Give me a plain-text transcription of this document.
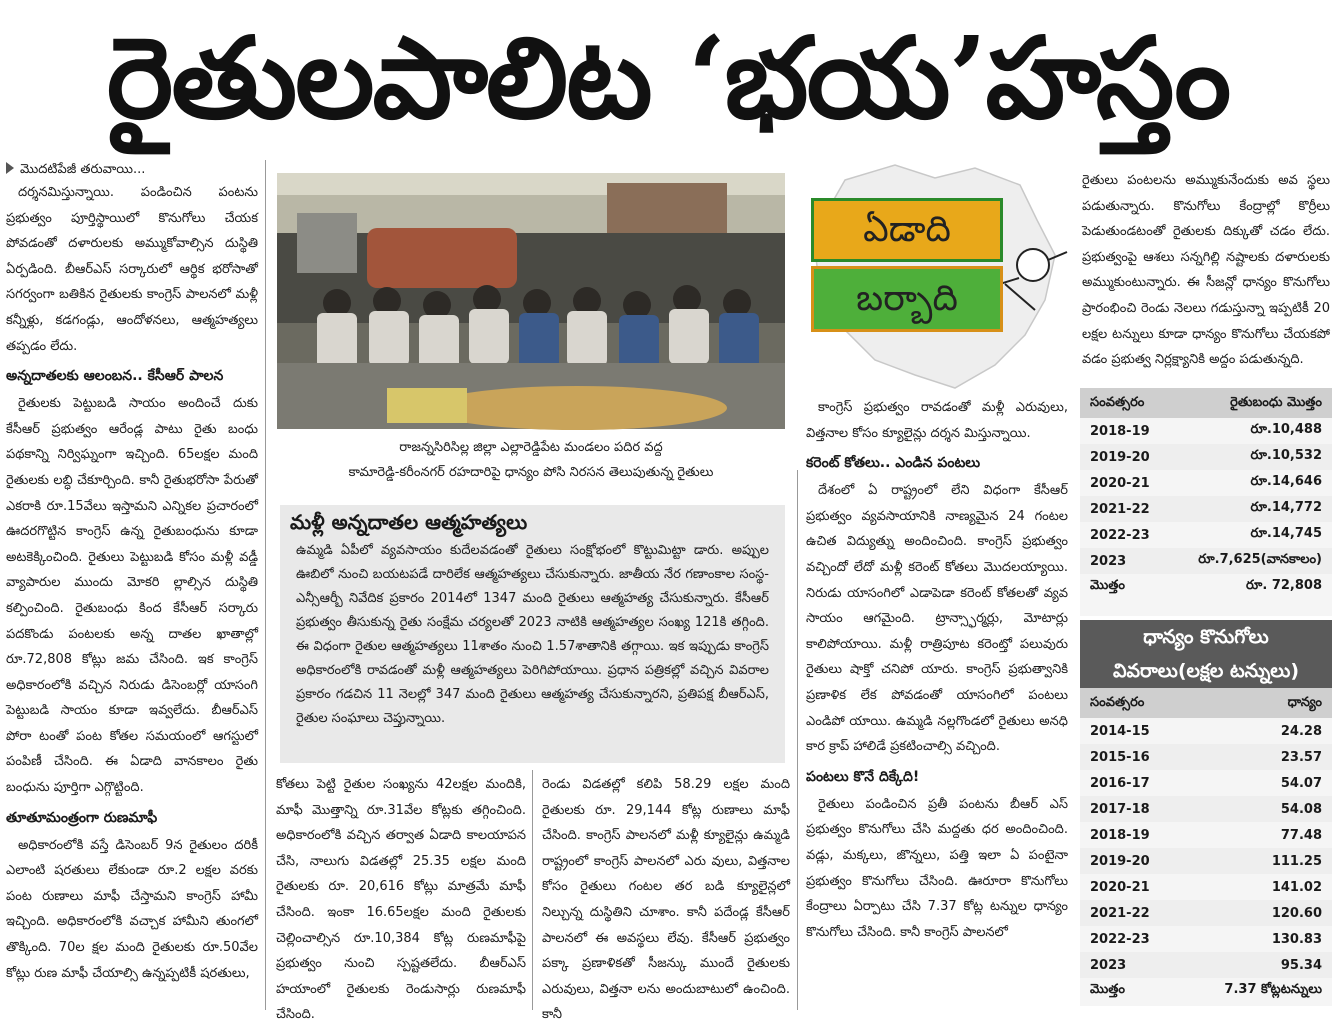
రైతులపాలిట ‘భయ’హస్తం
మొదటిపేజీ తరువాయి...

దర్శనమిస్తున్నాయి. పండించిన పంటను ప్రభుత్వం పూర్తిస్థాయిలో కొనుగోలు చేయక పోవడంతో దళారులకు అమ్ముకోవాల్సిన దుస్థితి ఏర్పడింది. బీఆర్ఎస్ సర్కారులో ఆర్థిక భరోసాతో సగర్వంగా బతికిన రైతులకు కాంగ్రెస్ పాలనలో మళ్లీ కన్నీళ్లు, కడగండ్లు, ఆందోళనలు, ఆత్మహత్యలు తప్పడం లేదు.

అన్నదాతలకు ఆలంబన.. కేసీఆర్ పాలన

రైతులకు పెట్టుబడి సాయం అందించే దుకు కేసీఆర్ ప్రభుత్వం ఆరేండ్ల పాటు రైతు బంధు పథకాన్ని నిర్విఘ్నంగా ఇచ్చింది. 65లక్షల మంది రైతులకు లబ్ధి చేకూర్చింది. కానీ రైతుభరోసా పేరుతో ఎకరాకి రూ.15వేలు ఇస్తామని ఎన్నికల ప్రచారంలో ఊదరగొట్టిన కాంగ్రెస్ ఉన్న రైతుబంధును కూడా అటకెక్కించింది. రైతులు పెట్టుబడి కోసం మళ్లీ వడ్డీ వ్యాపారుల ముందు మోకరి ల్లాల్సిన దుస్థితి కల్పించింది. రైతుబంధు కింద కేసీఆర్ సర్కారు పదకొండు పంటలకు అన్న దాతల ఖాతాల్లో రూ.72,808 కోట్లు జమ చేసింది. ఇక కాంగ్రెస్ అధికారంలోకి వచ్చిన నిరుడు డిసెంబర్లో యాసంగి పెట్టుబడి సాయం కూడా ఇవ్వలేదు. బీఆర్ఎస్ పోరా టంతో పంట కోతల సమయంలో ఆగస్టులో పంపిణీ చేసింది. ఈ ఏడాది వానకాలం రైతు బంధును పూర్తిగా ఎగ్గొట్టింది.

తూతూమంత్రంగా రుణమాఫీ

అధికారంలోకి వస్తే డిసెంబర్ 9న రైతులం దరికీ ఎలాంటి షరతులు లేకుండా రూ.2 లక్షల వరకు పంట రుణాలు మాఫీ చేస్తామని కాంగ్రెస్ హామీ ఇచ్చింది. అధికారంలోకి వచ్చాక హామీని తుంగలో తొక్కింది. 70ల క్షల మంది రైతులకు రూ.50వేల కోట్లు రుణ మాఫీ చేయాల్సి ఉన్నప్పటికీ షరతులు,

రాజన్నసిరిసిల్ల జిల్లా ఎల్లారెడ్డిపేట మండలం పదిర వద్ద
కామారెడ్డి-కరీంనగర్ రహదారిపై ధాన్యం పోసి నిరసన తెలుపుతున్న రైతులు
మళ్లీ అన్నదాతల ఆత్మహత్యలు
ఉమ్మడి ఏపీలో వ్యవసాయం కుదేలవడంతో రైతులు సంక్షోభంలో కొట్టుమిట్టా డారు. అప్పుల ఊబిలో నుంచి బయటపడే దారిలేక ఆత్మహత్యలు చేసుకున్నారు. జాతీయ నేర గణాంకాల సంస్థ-ఎన్సీఆర్బీ నివేదిక ప్రకారం 2014లో 1347 మంది రైతులు ఆత్మహత్య చేసుకున్నారు. కేసీఆర్ ప్రభుత్వం తీసుకున్న రైతు సంక్షేమ చర్యలతో 2023 నాటికి ఆత్మహత్యల సంఖ్య 121కి తగ్గింది. ఈ విధంగా రైతుల ఆత్మహత్యలు 11శాతం నుంచి 1.57శాతానికి తగ్గాయి. ఇక ఇప్పుడు కాంగ్రెస్ అధికారంలోకి రావడంతో మళ్లీ ఆత్మహత్యలు పెరిగిపోయాయి. ప్రధాన పత్రికల్లో వచ్చిన వివరాల ప్రకారం గడచిన 11 నెలల్లో 347 మంది రైతులు ఆత్మహత్య చేసుకున్నారని, ప్రతిపక్ష బీఆర్ఎస్, రైతుల సంఘాలు చెప్తున్నాయి.

కోతలు పెట్టి రైతుల సంఖ్యను 42లక్షల మందికి, మాఫీ మొత్తాన్ని రూ.31వేల కోట్లకు తగ్గించింది. అధికారంలోకి వచ్చిన తర్వాత ఏడాది కాలయాపన చేసి, నాలుగు విడతల్లో 25.35 లక్షల మంది రైతులకు రూ. 20,616 కోట్లు మాత్రమే మాఫీ చేసింది. ఇంకా 16.65లక్షల మంది రైతులకు చెల్లించాల్సిన రూ.10,384 కోట్ల రుణమాఫీపై ప్రభుత్వం నుంచి స్పష్టతలేదు. బీఆర్ఎస్ హయాంలో రైతులకు రెండుసార్లు రుణమాఫీ చేసింది.

రెండు విడతల్లో కలిపి 58.29 లక్షల మంది రైతులకు రూ. 29,144 కోట్ల రుణాలు మాఫీ చేసింది. కాంగ్రెస్ పాలనలో మళ్లీ క్యూలైన్లు ఉమ్మడి రాష్ట్రంలో కాంగ్రెస్ పాలనలో ఎరు వులు, విత్తనాల కోసం రైతులు గంటల తర బడి క్యూలైన్లలో నిల్చున్న దుస్థితిని చూశాం. కానీ పదేండ్ల కేసీఆర్ పాలనలో ఈ అవస్థలు లేవు. కేసీఆర్ ప్రభుత్వం పక్కా ప్రణాళికతో సీజన్కు ముందే రైతులకు ఎరువులు, విత్తనా లను అందుబాటులో ఉంచింది. కానీ

ఏడాది
బర్బాది

కాంగ్రెస్ ప్రభుత్వం రావడంతో మళ్లీ ఎరువులు, విత్తనాల కోసం క్యూలైన్లు దర్శన మిస్తున్నాయి.

కరెంట్ కోతలు.. ఎండిన పంటలు

దేశంలో ఏ రాష్ట్రంలో లేని విధంగా కేసీఆర్ ప్రభుత్వం వ్యవసాయానికి నాణ్యమైన 24 గంటల ఉచిత విద్యుత్ను అందించింది. కాంగ్రెస్ ప్రభుత్వం వచ్చిందో లేదో మళ్లీ కరెంట్ కోతలు మొదలయ్యాయి. నిరుడు యాసంగిలో ఎడాపెడా కరెంట్ కోతలతో వ్యవ సాయం ఆగమైంది. ట్రాన్స్ఫార్మర్లు, మోటార్లు కాలిపోయాయి. మళ్లీ రాత్రిపూట కరెంట్తో పలువురు రైతులు షాక్తో చనిపో యారు. కాంగ్రెస్ ప్రభుత్వానికి ప్రణాళిక లేక పోవడంతో యాసంగిలో పంటలు ఎండిపో యాయి. ఉమ్మడి నల్లగొండలో రైతులు అనధి కార క్రాప్ హాలిడే ప్రకటించాల్సి వచ్చింది.

పంటలు కొనే దిక్కేది!

రైతులు పండించిన ప్రతీ పంటను బీఆర్ ఎస్ ప్రభుత్వం కొనుగోలు చేసి మద్దతు ధర అందించింది. వడ్లు, మక్కలు, జొన్నలు, పత్తి ఇలా ఏ పంటైనా ప్రభుత్వం కొనుగోలు చేసింది. ఊరూరా కొనుగోలు కేంద్రాలు ఏర్పాటు చేసి 7.37 కోట్ల టన్నుల ధాన్యం కొనుగోలు చేసింది. కానీ కాంగ్రెస్ పాలనలో

రైతులు పంటలను అమ్ముకునేందుకు అవ స్థలు పడుతున్నారు. కొనుగోలు కేంద్రాల్లో కొర్రీలు పెడుతుండటంతో రైతులకు దిక్కుతో చడం లేదు. ప్రభుత్వంపై ఆశలు సన్నగిల్లి నష్టాలకు దళారులకు అమ్ముకుంటున్నారు. ఈ సీజన్లో ధాన్యం కొనుగోలు ప్రారంభించి రెండు నెలలు గడుస్తున్నా ఇప్పటికీ 20 లక్షల టన్నులు కూడా ధాన్యం కొనుగోలు చేయకపో వడం ప్రభుత్వ నిర్లక్ష్యానికి అద్దం పడుతున్నది.

సంవత్సరం	రైతుబంధు మొత్తం
2018-19	రూ.10,488
2019-20	రూ.10,532
2020-21	రూ.14,646
2021-22	రూ.14,772
2022-23	రూ.14,745
2023	రూ.7,625(వానకాలం)
మొత్తం	రూ. 72,808
ధాన్యం కొనుగోలు
వివరాలు(లక్షల టన్నులు)
సంవత్సరం	ధాన్యం
2014-15	24.28
2015-16	23.57
2016-17	54.07
2017-18	54.08
2018-19	77.48
2019-20	111.25
2020-21	141.02
2021-22	120.60
2022-23	130.83
2023	95.34
మొత్తం	7.37 కోట్లటన్నులు
